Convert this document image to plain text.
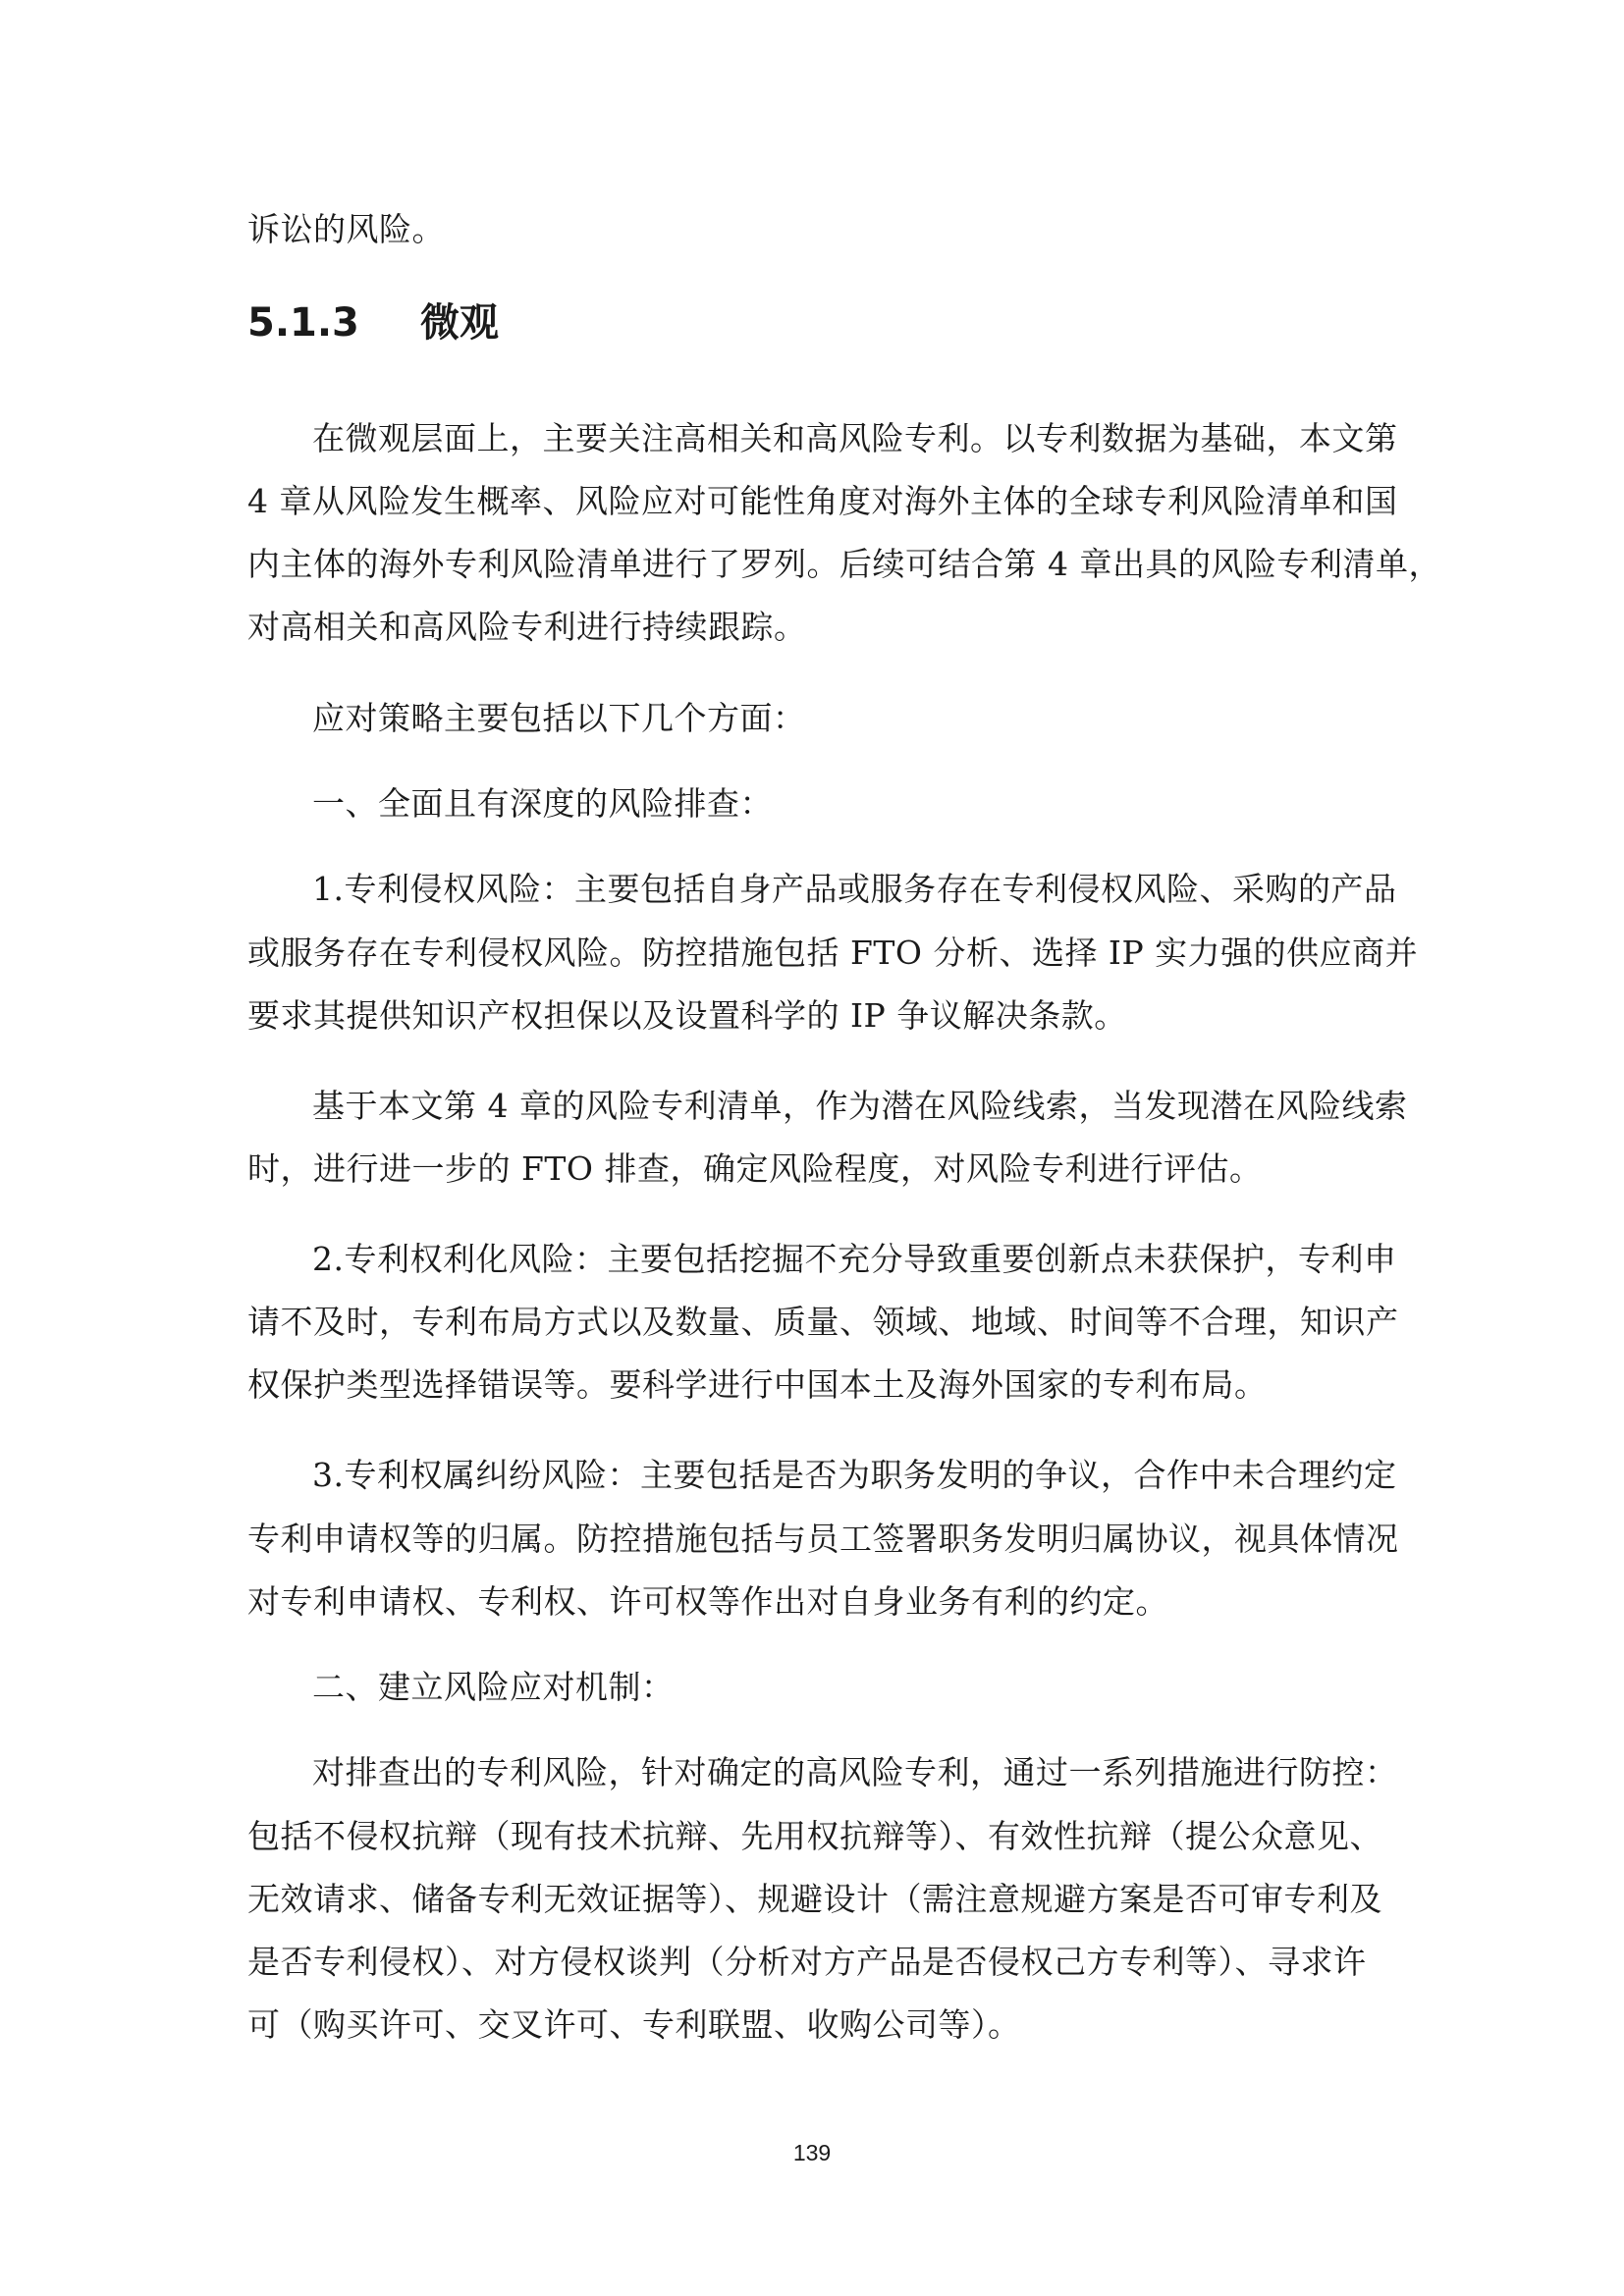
诉讼的风险。
5.1.3 微观
在微观层面上，主要关注高相关和高风险专利。以专利数据为基础，本文第
4 章从风险发生概率、风险应对可能性角度对海外主体的全球专利风险清单和国
内主体的海外专利风险清单进行了罗列。后续可结合第 4 章出具的风险专利清单，
对高相关和高风险专利进行持续跟踪。
应对策略主要包括以下几个方面：
一、全面且有深度的风险排查：
1.专利侵权风险：主要包括自身产品或服务存在专利侵权风险、采购的产品
或服务存在专利侵权风险。防控措施包括 FTO 分析、选择 IP 实力强的供应商并
要求其提供知识产权担保以及设置科学的 IP 争议解决条款。
基于本文第 4 章的风险专利清单，作为潜在风险线索，当发现潜在风险线索
时，进行进一步的 FTO 排查，确定风险程度，对风险专利进行评估。
2.专利权利化风险：主要包括挖掘不充分导致重要创新点未获保护，专利申
请不及时，专利布局方式以及数量、质量、领域、地域、时间等不合理，知识产
权保护类型选择错误等。要科学进行中国本土及海外国家的专利布局。
3.专利权属纠纷风险：主要包括是否为职务发明的争议，合作中未合理约定
专利申请权等的归属。防控措施包括与员工签署职务发明归属协议，视具体情况
对专利申请权、专利权、许可权等作出对自身业务有利的约定。
二、建立风险应对机制：
对排查出的专利风险，针对确定的高风险专利，通过一系列措施进行防控：
包括不侵权抗辩（现有技术抗辩、先用权抗辩等）、有效性抗辩（提公众意见、
无效请求、储备专利无效证据等）、规避设计（需注意规避方案是否可审专利及
是否专利侵权）、对方侵权谈判（分析对方产品是否侵权己方专利等）、寻求许
可（购买许可、交叉许可、专利联盟、收购公司等）。
139
